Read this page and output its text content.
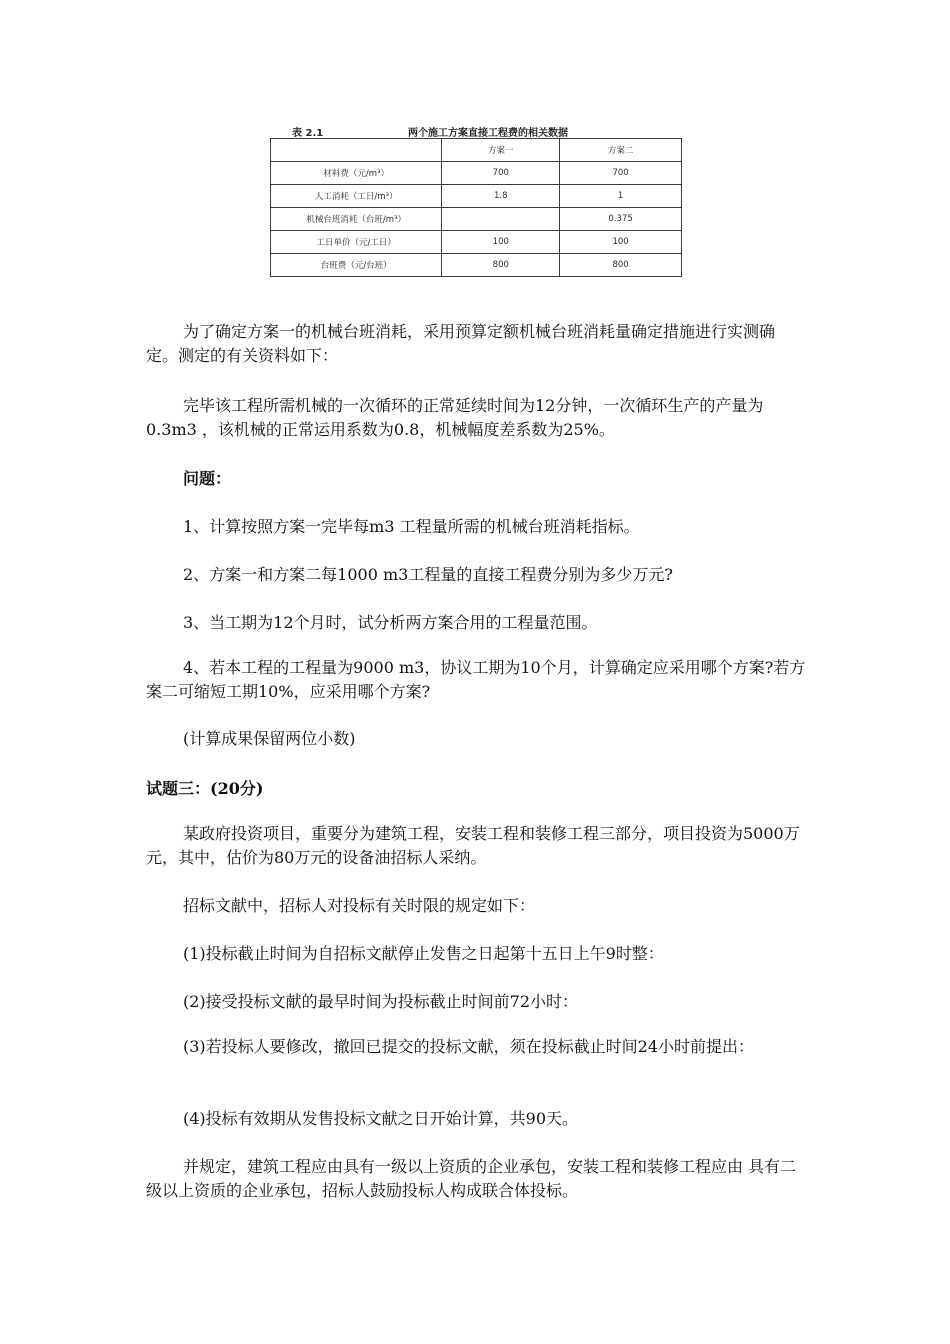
表 2.1	两个施工方案直接工程费的相关数据
	方案一	方案二
材料费（元/m³）	700	700
人工消耗（工日/m³）	1.8	1
机械台班消耗（台班/m³）		0.375
工日单价（元/工日）	100	100
台班费（元/台班）	800	800

为了确定方案一的机械台班消耗，采用预算定额机械台班消耗量确定措施进行实测确定。测定的有关资料如下：

完毕该工程所需机械的一次循环的正常延续时间为12分钟，一次循环生产的产量为0.3m3 ，该机械的正常运用系数为0.8，机械幅度差系数为25%。

问题：

1、计算按照方案一完毕每m3 工程量所需的机械台班消耗指标。

2、方案一和方案二每1000 m3工程量的直接工程费分别为多少万元?

3、当工期为12个月时，试分析两方案合用的工程量范围。

4、若本工程的工程量为9000 m3，协议工期为10个月，计算确定应采用哪个方案?若方案二可缩短工期10%，应采用哪个方案?

(计算成果保留两位小数)

试题三：(20分)

某政府投资项目，重要分为建筑工程，安装工程和装修工程三部分，项目投资为5000万元，其中，估价为80万元的设备油招标人采纳。

招标文献中，招标人对投标有关时限的规定如下：

(1)投标截止时间为自招标文献停止发售之日起第十五日上午9时整：

(2)接受投标文献的最早时间为投标截止时间前72小时：

(3)若投标人要修改，撤回已提交的投标文献，须在投标截止时间24小时前提出：

(4)投标有效期从发售投标文献之日开始计算，共90天。

并规定，建筑工程应由具有一级以上资质的企业承包，安装工程和装修工程应由 具有二级以上资质的企业承包，招标人鼓励投标人构成联合体投标。
